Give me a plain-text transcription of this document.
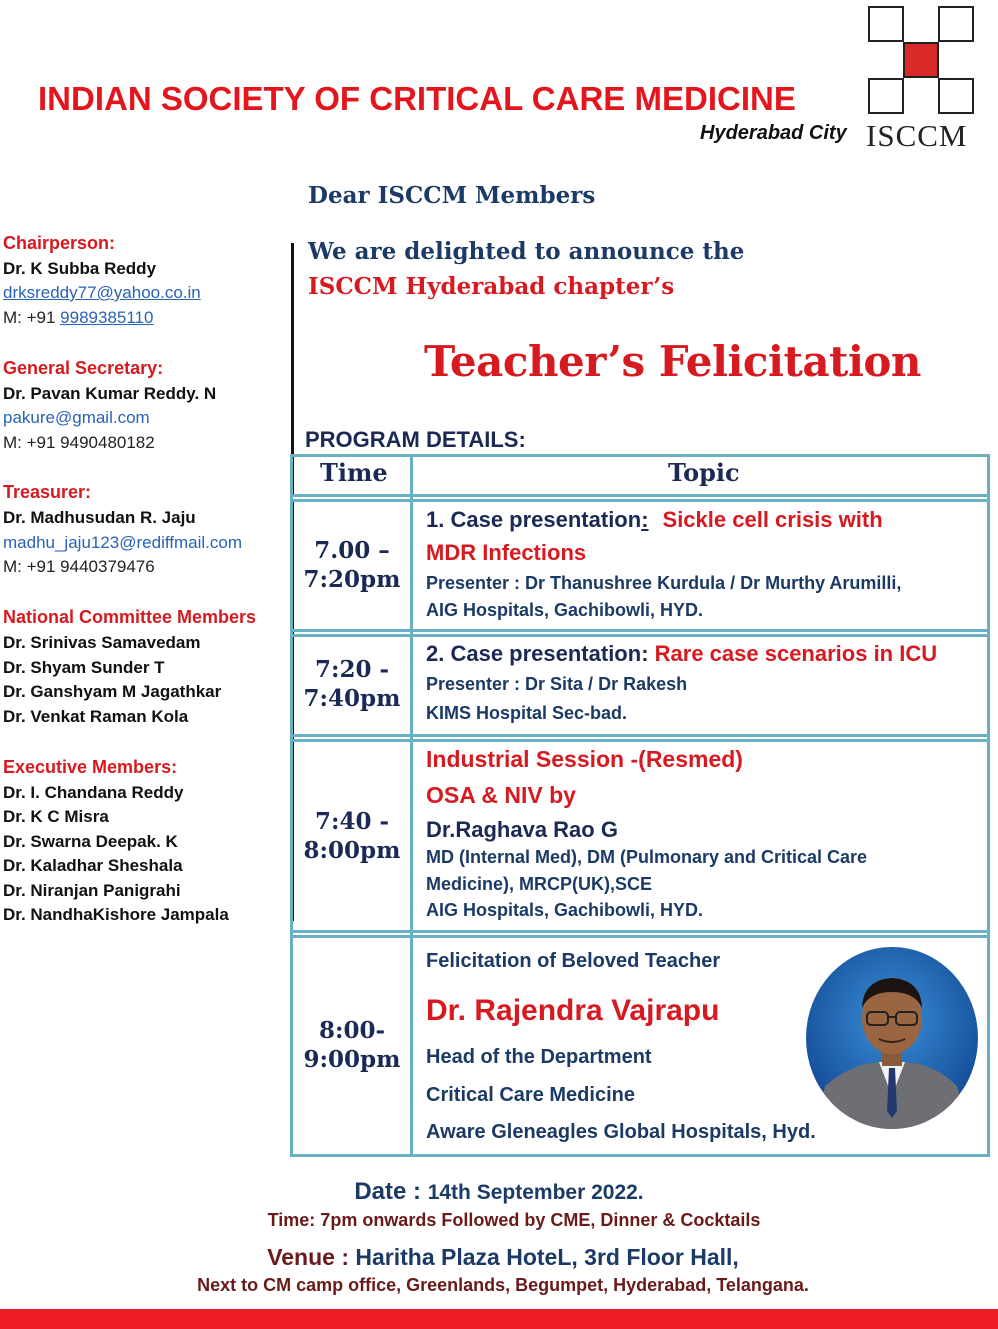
INDIAN SOCIETY OF CRITICAL CARE MEDICINE
Hyderabad City ISCCM
Dear ISCCM Members
We are delighted to announce the
ISCCM Hyderabad chapter’s
Teacher’s Felicitation
PROGRAM DETAILS:
Chairperson:
Dr. K Subba Reddy
drksreddy77@yahoo.co.in
M: +91 9989385110
General Secretary:
Dr. Pavan Kumar Reddy. N
pakure@gmail.com
M: +91 9490480182
Treasurer:
Dr. Madhusudan R. Jaju
madhu_jaju123@rediffmail.com
M: +91 9440379476
National Committee Members
Dr. Srinivas Samavedam
Dr. Shyam Sunder T
Dr. Ganshyam M Jagathkar
Dr. Venkat Raman Kola
Executive Members:
Dr. I. Chandana Reddy
Dr. K C Misra
Dr. Swarna Deepak. K
Dr. Kaladhar Sheshala
Dr. Niranjan Panigrahi
Dr. NandhaKishore Jampala
Time	Topic
7.00 –
7:20pm
1. Case presentation: Sickle cell crisis with
MDR Infections
Presenter : Dr Thanushree Kurdula / Dr Murthy Arumilli,
AIG Hospitals, Gachibowli, HYD.
7:20 -
7:40pm
2. Case presentation: Rare case scenarios in ICU
Presenter : Dr Sita / Dr Rakesh
KIMS Hospital Sec-bad.
7:40 -
8:00pm
Industrial Session -(Resmed)
OSA & NIV by
Dr.Raghava Rao G
MD (Internal Med), DM (Pulmonary and Critical Care
Medicine), MRCP(UK),SCE
AIG Hospitals, Gachibowli, HYD.
8:00-
9:00pm
Felicitation of Beloved Teacher
Dr. Rajendra Vajrapu
Head of the Department
Critical Care Medicine
Aware Gleneagles Global Hospitals, Hyd.
Date : 14th September 2022.
Time: 7pm onwards Followed by CME, Dinner & Cocktails
Venue : Haritha Plaza HoteL, 3rd Floor Hall,
Next to CM camp office, Greenlands, Begumpet, Hyderabad, Telangana.
